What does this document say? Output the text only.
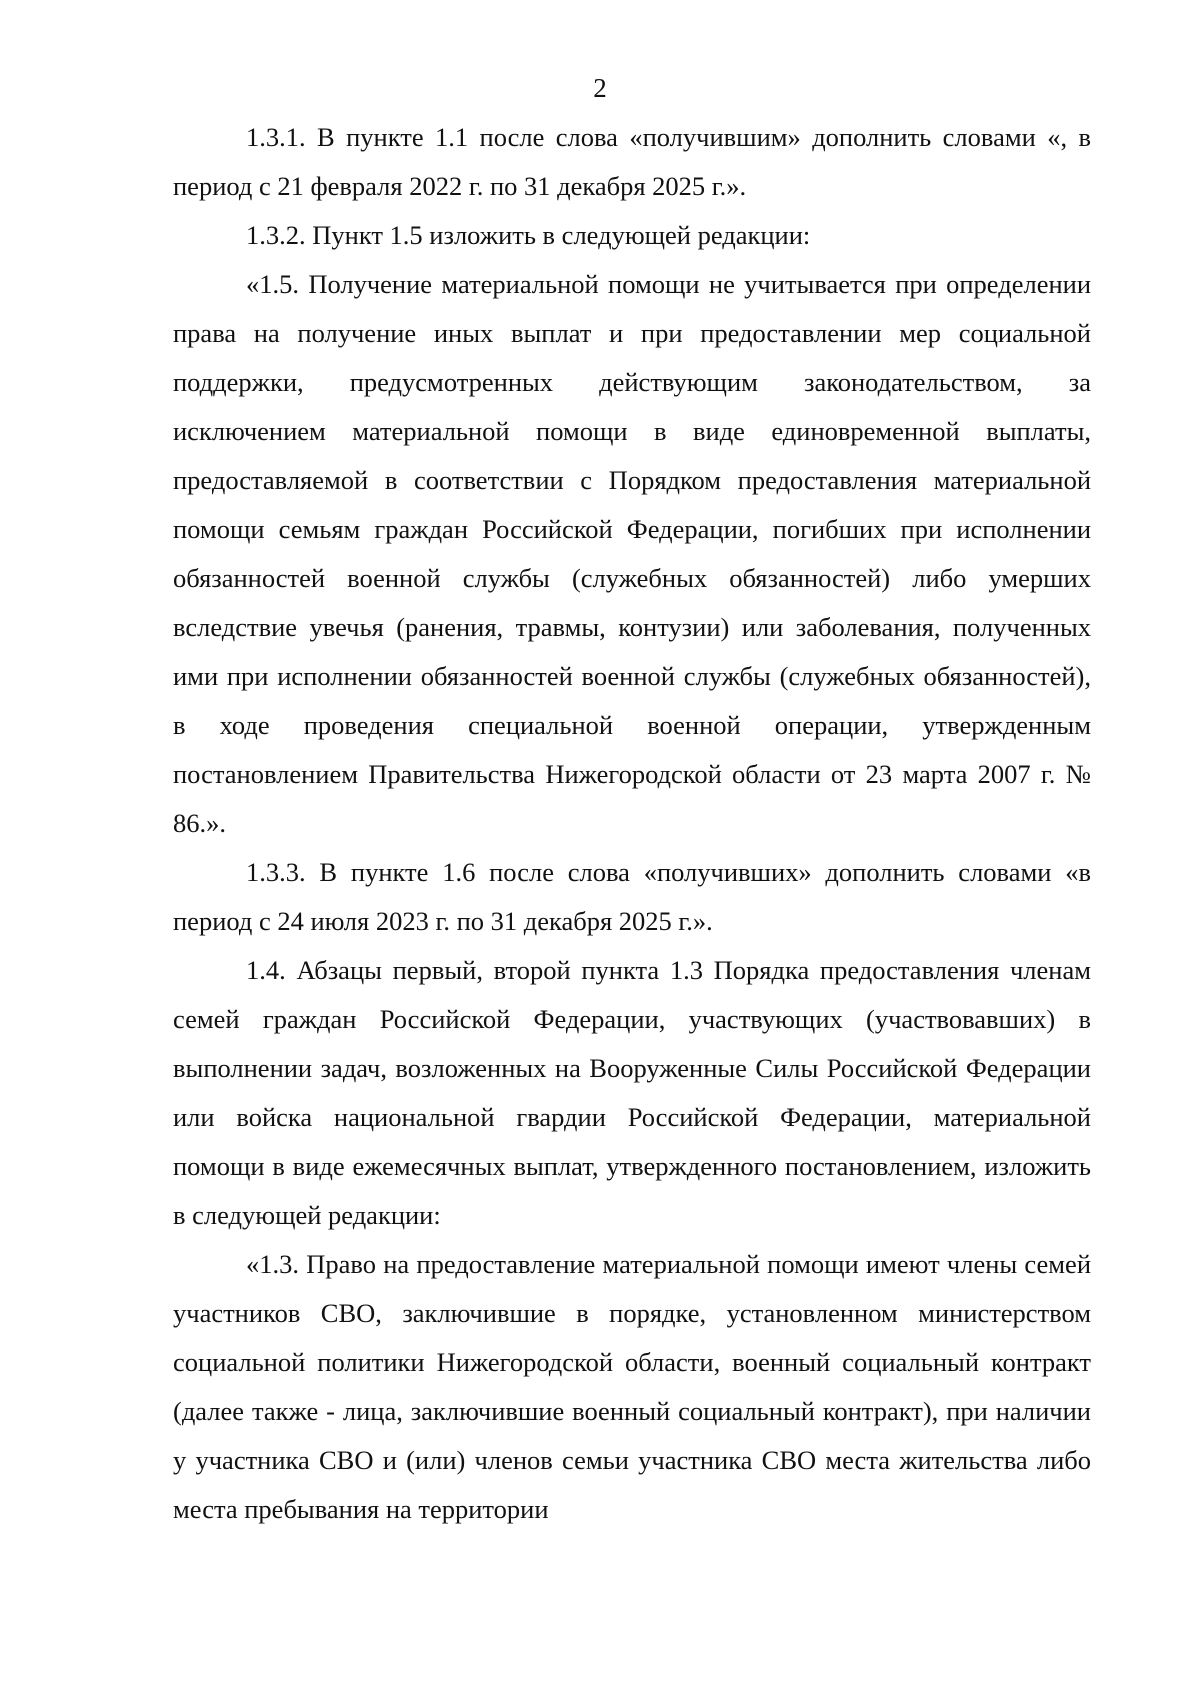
2

1.3.1. В пункте 1.1 после слова «получившим» дополнить словами «, в период с 21 февраля 2022 г. по 31 декабря 2025 г.».

1.3.2. Пункт 1.5 изложить в следующей редакции:

«1.5. Получение материальной помощи не учитывается при определении права на получение иных выплат и при предоставлении мер социальной поддержки, предусмотренных действующим законодательством, за исключением материальной помощи в виде единовременной выплаты, предоставляемой в соответствии с Порядком предоставления материальной помощи семьям граждан Российской Федерации, погибших при исполнении обязанностей военной службы (служебных обязанностей) либо умерших вследствие увечья (ранения, травмы, контузии) или заболевания, полученных ими при исполнении обязанностей военной службы (служебных обязанностей), в ходе проведения специальной военной операции, утвержденным постановлением Правительства Нижегородской области от 23 марта 2007 г. № 86.».

1.3.3. В пункте 1.6 после слова «получивших» дополнить словами «в период с 24 июля 2023 г. по 31 декабря 2025 г.».

1.4. Абзацы первый, второй пункта 1.3 Порядка предоставления членам семей граждан Российской Федерации, участвующих (участвовавших) в выполнении задач, возложенных на Вооруженные Силы Российской Федерации или войска национальной гвардии Российской Федерации, материальной помощи в виде ежемесячных выплат, утвержденного постановлением, изложить в следующей редакции:

«1.3. Право на предоставление материальной помощи имеют члены семей участников СВО, заключившие в порядке, установленном министерством социальной политики Нижегородской области, военный социальный контракт (далее также - лица, заключившие военный социальный контракт), при наличии у участника СВО и (или) членов семьи участника СВО места жительства либо места пребывания на территории
